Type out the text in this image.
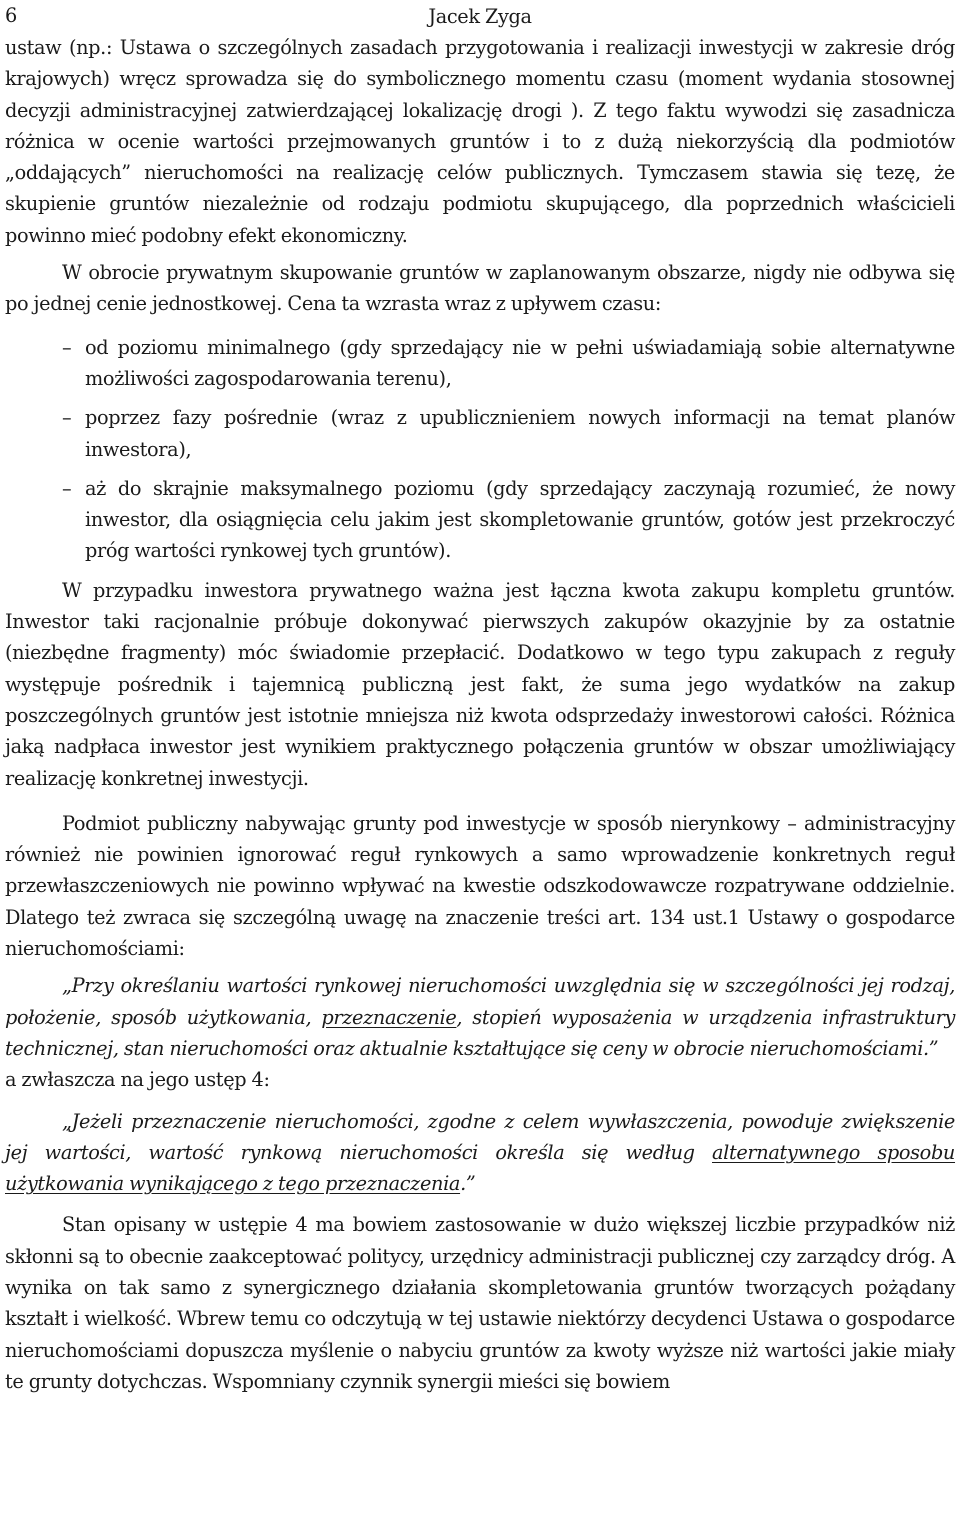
6	Jacek Zyga

ustaw (np.: Ustawa o szczególnych zasadach przygotowania i realizacji inwestycji w zakresie dróg krajowych) wręcz sprowadza się do symbolicznego momentu czasu (moment wydania stosownej decyzji administracyjnej zatwierdzającej lokalizację drogi ). Z tego faktu wywodzi się zasadnicza różnica w ocenie wartości przejmowanych gruntów i to z dużą niekorzyścią dla podmiotów „oddających” nieruchomości na realizację celów publicznych. Tymczasem stawia się tezę, że skupienie gruntów niezależnie od rodzaju podmiotu skupującego, dla poprzednich właścicieli powinno mieć podobny efekt ekonomiczny.

W obrocie prywatnym skupowanie gruntów w zaplanowanym obszarze, nigdy nie odbywa się po jednej cenie jednostkowej. Cena ta wzrasta wraz z upływem czasu:

– od poziomu minimalnego (gdy sprzedający nie w pełni uświadamiają sobie alternatywne możliwości zagospodarowania terenu),
– poprzez fazy pośrednie (wraz z upublicznieniem nowych informacji na temat planów inwestora),
– aż do skrajnie maksymalnego poziomu (gdy sprzedający zaczynają rozumieć, że nowy inwestor, dla osiągnięcia celu jakim jest skompletowanie gruntów, gotów jest przekroczyć próg wartości rynkowej tych gruntów).

W przypadku inwestora prywatnego ważna jest łączna kwota zakupu kompletu gruntów. Inwestor taki racjonalnie próbuje dokonywać pierwszych zakupów okazyjnie by za ostatnie (niezbędne fragmenty) móc świadomie przepłacić. Dodatkowo w tego typu zakupach z reguły występuje pośrednik i tajemnicą publiczną jest fakt, że suma jego wydatków na zakup poszczególnych gruntów jest istotnie mniejsza niż kwota odsprzedaży inwestorowi całości. Różnica jaką nadpłaca inwestor jest wynikiem praktycznego połączenia gruntów w obszar umożliwiający realizację konkretnej inwestycji.

Podmiot publiczny nabywając grunty pod inwestycje w sposób nierynkowy – administracyjny również nie powinien ignorować reguł rynkowych a samo wprowadzenie konkretnych reguł przewłaszczeniowych nie powinno wpływać na kwestie odszkodowawcze rozpatrywane oddzielnie. Dlatego też zwraca się szczególną uwagę na znaczenie treści art. 134 ust.1 Ustawy o gospodarce nieruchomościami:

„Przy określaniu wartości rynkowej nieruchomości uwzględnia się w szczególności jej rodzaj, położenie, sposób użytkowania, przeznaczenie, stopień wyposażenia w urządzenia infrastruktury technicznej, stan nieruchomości oraz aktualnie kształtujące się ceny w obrocie nieruchomościami.”

a zwłaszcza na jego ustęp 4:

„Jeżeli przeznaczenie nieruchomości, zgodne z celem wywłaszczenia, powoduje zwiększenie jej wartości, wartość rynkową nieruchomości określa się według alternatywnego sposobu użytkowania wynikającego z tego przeznaczenia.”

Stan opisany w ustępie 4 ma bowiem zastosowanie w dużo większej liczbie przypadków niż skłonni są to obecnie zaakceptować politycy, urzędnicy administracji publicznej czy zarządcy dróg. A wynika on tak samo z synergicznego działania skompletowania gruntów tworzących pożądany kształt i wielkość. Wbrew temu co odczytują w tej ustawie niektórzy decydenci Ustawa o gospodarce nieruchomościami dopuszcza myślenie o nabyciu gruntów za kwoty wyższe niż wartości jakie miały te grunty dotychczas. Wspomniany czynnik synergii mieści się bowiem
